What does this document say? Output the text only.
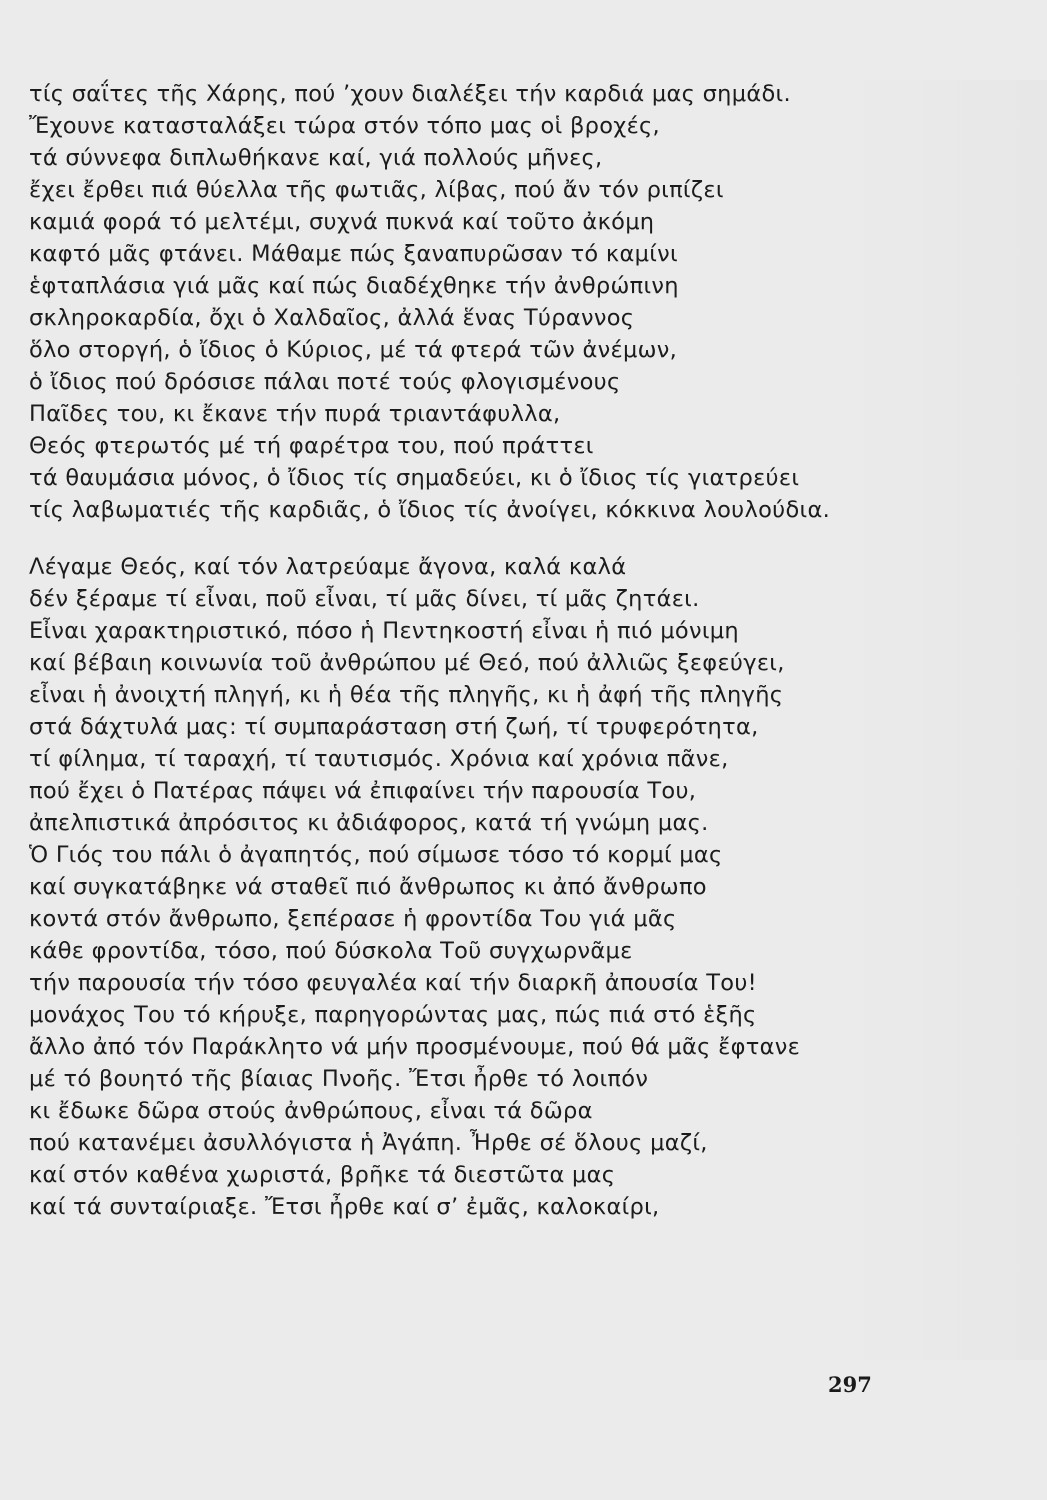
τίς σαΐτες τῆς Χάρης, πού ’χουν διαλέξει τήν καρδιά μας σημάδι.
Ἔχουνε κατασταλάξει τώρα στόν τόπο μας οἱ βροχές,
τά σύννεφα διπλωθήκανε καί, γιά πολλούς μῆνες,
ἔχει ἔρθει πιά θύελλα τῆς φωτιᾶς, λίβας, πού ἄν τόν ριπίζει
καμιά φορά τό μελτέμι, συχνά πυκνά καί τοῦτο ἀκόμη
καφτό μᾶς φτάνει. Μάθαμε πώς ξαναπυρῶσαν τό καμίνι
ἑφταπλάσια γιά μᾶς καί πώς διαδέχθηκε τήν ἀνθρώπινη
σκληροκαρδία, ὄχι ὁ Χαλδαῖος, ἀλλά ἕνας Τύραννος
ὅλο στοργή, ὁ ἴδιος ὁ Κύριος, μέ τά φτερά τῶν ἀνέμων,
ὁ ἴδιος πού δρόσισε πάλαι ποτέ τούς φλογισμένους
Παῖδες του, κι ἔκανε τήν πυρά τριαντάφυλλα,
Θεός φτερωτός μέ τή φαρέτρα του, πού πράττει
τά θαυμάσια μόνος, ὁ ἴδιος τίς σημαδεύει, κι ὁ ἴδιος τίς γιατρεύει
τίς λαβωματιές τῆς καρδιᾶς, ὁ ἴδιος τίς ἀνοίγει, κόκκινα λουλούδια.
Λέγαμε Θεός, καί τόν λατρεύαμε ἄγονα, καλά καλά
δέν ξέραμε τί εἶναι, ποῦ εἶναι, τί μᾶς δίνει, τί μᾶς ζητάει.
Εἶναι χαρακτηριστικό, πόσο ἡ Πεντηκοστή εἶναι ἡ πιό μόνιμη
καί βέβαιη κοινωνία τοῦ ἀνθρώπου μέ Θεό, πού ἀλλιῶς ξεφεύγει,
εἶναι ἡ ἀνοιχτή πληγή, κι ἡ θέα τῆς πληγῆς, κι ἡ ἀφή τῆς πληγῆς
στά δάχτυλά μας: τί συμπαράσταση στή ζωή, τί τρυφερότητα,
τί φίλημα, τί ταραχή, τί ταυτισμός. Χρόνια καί χρόνια πᾶνε,
πού ἔχει ὁ Πατέρας πάψει νά ἐπιφαίνει τήν παρουσία Του,
ἀπελπιστικά ἀπρόσιτος κι ἀδιάφορος, κατά τή γνώμη μας.
Ὁ Γιός του πάλι ὁ ἀγαπητός, πού σίμωσε τόσο τό κορμί μας
καί συγκατάβηκε νά σταθεῖ πιό ἄνθρωπος κι ἀπό ἄνθρωπο
κοντά στόν ἄνθρωπο, ξεπέρασε ἡ φροντίδα Του γιά μᾶς
κάθε φροντίδα, τόσο, πού δύσκολα Τοῦ συγχωρνᾶμε
τήν παρουσία τήν τόσο φευγαλέα καί τήν διαρκῆ ἀπουσία Του!
μονάχος Του τό κήρυξε, παρηγορώντας μας, πώς πιά στό ἑξῆς
ἄλλο ἀπό τόν Παράκλητο νά μήν προσμένουμε, πού θά μᾶς ἔφτανε
μέ τό βουητό τῆς βίαιας Πνοῆς. Ἔτσι ἦρθε τό λοιπόν
κι ἔδωκε δῶρα στούς ἀνθρώπους, εἶναι τά δῶρα
πού κατανέμει ἀσυλλόγιστα ἡ Ἀγάπη. Ἦρθε σέ ὅλους μαζί,
καί στόν καθένα χωριστά, βρῆκε τά διεστῶτα μας
καί τά συνταίριαξε. Ἔτσι ἦρθε καί σ’ ἐμᾶς, καλοκαίρι,
297
